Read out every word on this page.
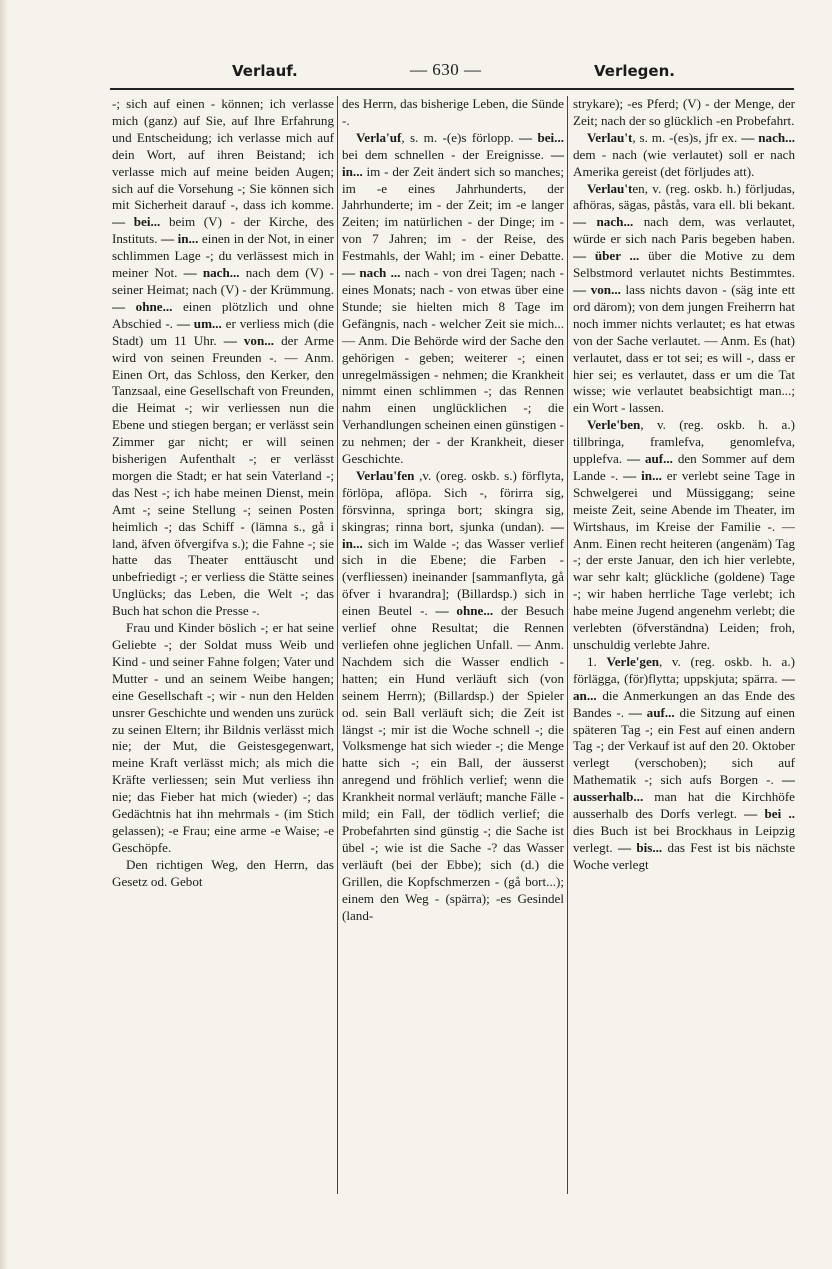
Verlauf.	— 630 —	Verlegen.

-; sich auf einen - können; ich verlasse mich (ganz) auf Sie, auf Ihre Erfahrung und Entscheidung; ich verlasse mich auf dein Wort, auf ihren Beistand; ich verlasse mich auf meine beiden Augen; sich auf die Vorsehung -; Sie können sich mit Sicherheit darauf -, dass ich komme. — bei... beim (V) - der Kirche, des Instituts. — in... einen in der Not, in einer schlimmen Lage -; du verlässest mich in meiner Not. — nach... nach dem (V) - seiner Heimat; nach (V) - der Krümmung. — ohne... einen plötzlich und ohne Abschied -. — um... er verliess mich (die Stadt) um 11 Uhr. — von... der Arme wird von seinen Freunden -. — Anm. Einen Ort, das Schloss, den Kerker, den Tanzsaal, eine Gesellschaft von Freunden, die Heimat -; wir verliessen nun die Ebene und stiegen bergan; er verlässt sein Zimmer gar nicht; er will seinen bisherigen Aufenthalt -; er verlässt morgen die Stadt; er hat sein Vaterland -; das Nest -; ich habe meinen Dienst, mein Amt -; seine Stellung -; seinen Posten heimlich -; das Schiff - (lämna s., gå i land, äfven öfvergifva s.); die Fahne -; sie hatte das Theater enttäuscht und unbefriedigt -; er verliess die Stätte seines Unglücks; das Leben, die Welt -; das Buch hat schon die Presse -.

Frau und Kinder böslich -; er hat seine Geliebte -; der Soldat muss Weib und Kind - und seiner Fahne folgen; Vater und Mutter - und an seinem Weibe hangen; eine Gesellschaft -; wir - nun den Helden unsrer Geschichte und wenden uns zurück zu seinen Eltern; ihr Bildnis verlässt mich nie; der Mut, die Geistesgegenwart, meine Kraft verlässt mich; als mich die Kräfte verliessen; sein Mut verliess ihn nie; das Fieber hat mich (wieder) -; das Gedächtnis hat ihn mehrmals - (im Stich gelassen); -e Frau; eine arme -e Waise; -e Geschöpfe.

Den richtigen Weg, den Herrn, das Gesetz od. Gebot

des Herrn, das bisherige Leben, die Sünde -.

Verla'uf, s. m. -(e)s förlopp. — bei... bei dem schnellen - der Ereignisse. — in... im - der Zeit ändert sich so manches; im -e eines Jahrhunderts, der Jahrhunderte; im - der Zeit; im -e langer Zeiten; im natürlichen - der Dinge; im - von 7 Jahren; im - der Reise, des Festmahls, der Wahl; im - einer Debatte. — nach ... nach - von drei Tagen; nach - eines Monats; nach - von etwas über eine Stunde; sie hielten mich 8 Tage im Gefängnis, nach - welcher Zeit sie mich... — Anm. Die Behörde wird der Sache den gehörigen - geben; weiterer -; einen unregelmässigen - nehmen; die Krankheit nimmt einen schlimmen -; das Rennen nahm einen unglücklichen -; die Verhandlungen scheinen einen günstigen - zu nehmen; der - der Krankheit, dieser Geschichte.

Verlau'fen ,v. (oreg. oskb. s.) förflyta, förlöpa, aflöpa. Sich -, förirra sig, försvinna, springa bort; skingra sig, skingras; rinna bort, sjunka (undan). — in... sich im Walde -; das Wasser verlief sich in die Ebene; die Farben - (verfliessen) ineinander [sammanflyta, gå öfver i hvarandra]; (Billardsp.) sich in einen Beutel -. — ohne... der Besuch verlief ohne Resultat; die Rennen verliefen ohne jeglichen Unfall. — Anm. Nachdem sich die Wasser endlich - hatten; ein Hund verläuft sich (von seinem Herrn); (Billardsp.) der Spieler od. sein Ball verläuft sich; die Zeit ist längst -; mir ist die Woche schnell -; die Volksmenge hat sich wieder -; die Menge hatte sich -; ein Ball, der äusserst anregend und fröhlich verlief; wenn die Krankheit normal verläuft; manche Fälle - mild; ein Fall, der tödlich verlief; die Probefahrten sind günstig -; die Sache ist übel -; wie ist die Sache -? das Wasser verläuft (bei der Ebbe); sich (d.) die Grillen, die Kopfschmerzen - (gå bort...); einem den Weg - (spärra); -es Gesindel (land-

strykare); -es Pferd; (V) - der Menge, der Zeit; nach der so glücklich -en Probefahrt.

Verlau't, s. m. -(es)s, jfr ex. — nach... dem - nach (wie verlautet) soll er nach Amerika gereist (det förljudes att).

Verlau'ten, v. (reg. oskb. h.) förljudas, afhöras, sägas, påstås, vara ell. bli bekant. — nach... nach dem, was verlautet, würde er sich nach Paris begeben haben. — über ... über die Motive zu dem Selbstmord verlautet nichts Bestimmtes. — von... lass nichts davon - (säg inte ett ord därom); von dem jungen Freiherrn hat noch immer nichts verlautet; es hat etwas von der Sache verlautet. — Anm. Es (hat) verlautet, dass er tot sei; es will -, dass er hier sei; es verlautet, dass er um die Tat wisse; wie verlautet beabsichtigt man...; ein Wort - lassen.

Verle'ben, v. (reg. oskb. h. a.) tillbringa, framlefva, genomlefva, upplefva. — auf... den Sommer auf dem Lande -. — in... er verlebt seine Tage in Schwelgerei und Müssiggang; seine meiste Zeit, seine Abende im Theater, im Wirtshaus, im Kreise der Familie -. — Anm. Einen recht heiteren (angenäm) Tag -; der erste Januar, den ich hier verlebte, war sehr kalt; glückliche (goldene) Tage -; wir haben herrliche Tage verlebt; ich habe meine Jugend angenehm verlebt; die verlebten (öfverständna) Leiden; froh, unschuldig verlebte Jahre.

1. Verle'gen, v. (reg. oskb. h. a.) förlägga, (för)flytta; uppskjuta; spärra. — an... die Anmerkungen an das Ende des Bandes -. — auf... die Sitzung auf einen späteren Tag -; ein Fest auf einen andern Tag -; der Verkauf ist auf den 20. Oktober verlegt (verschoben); sich auf Mathematik -; sich aufs Borgen -. — ausserhalb... man hat die Kirchhöfe ausserhalb des Dorfs verlegt. — bei .. dies Buch ist bei Brockhaus in Leipzig verlegt. — bis... das Fest ist bis nächste Woche verlegt
